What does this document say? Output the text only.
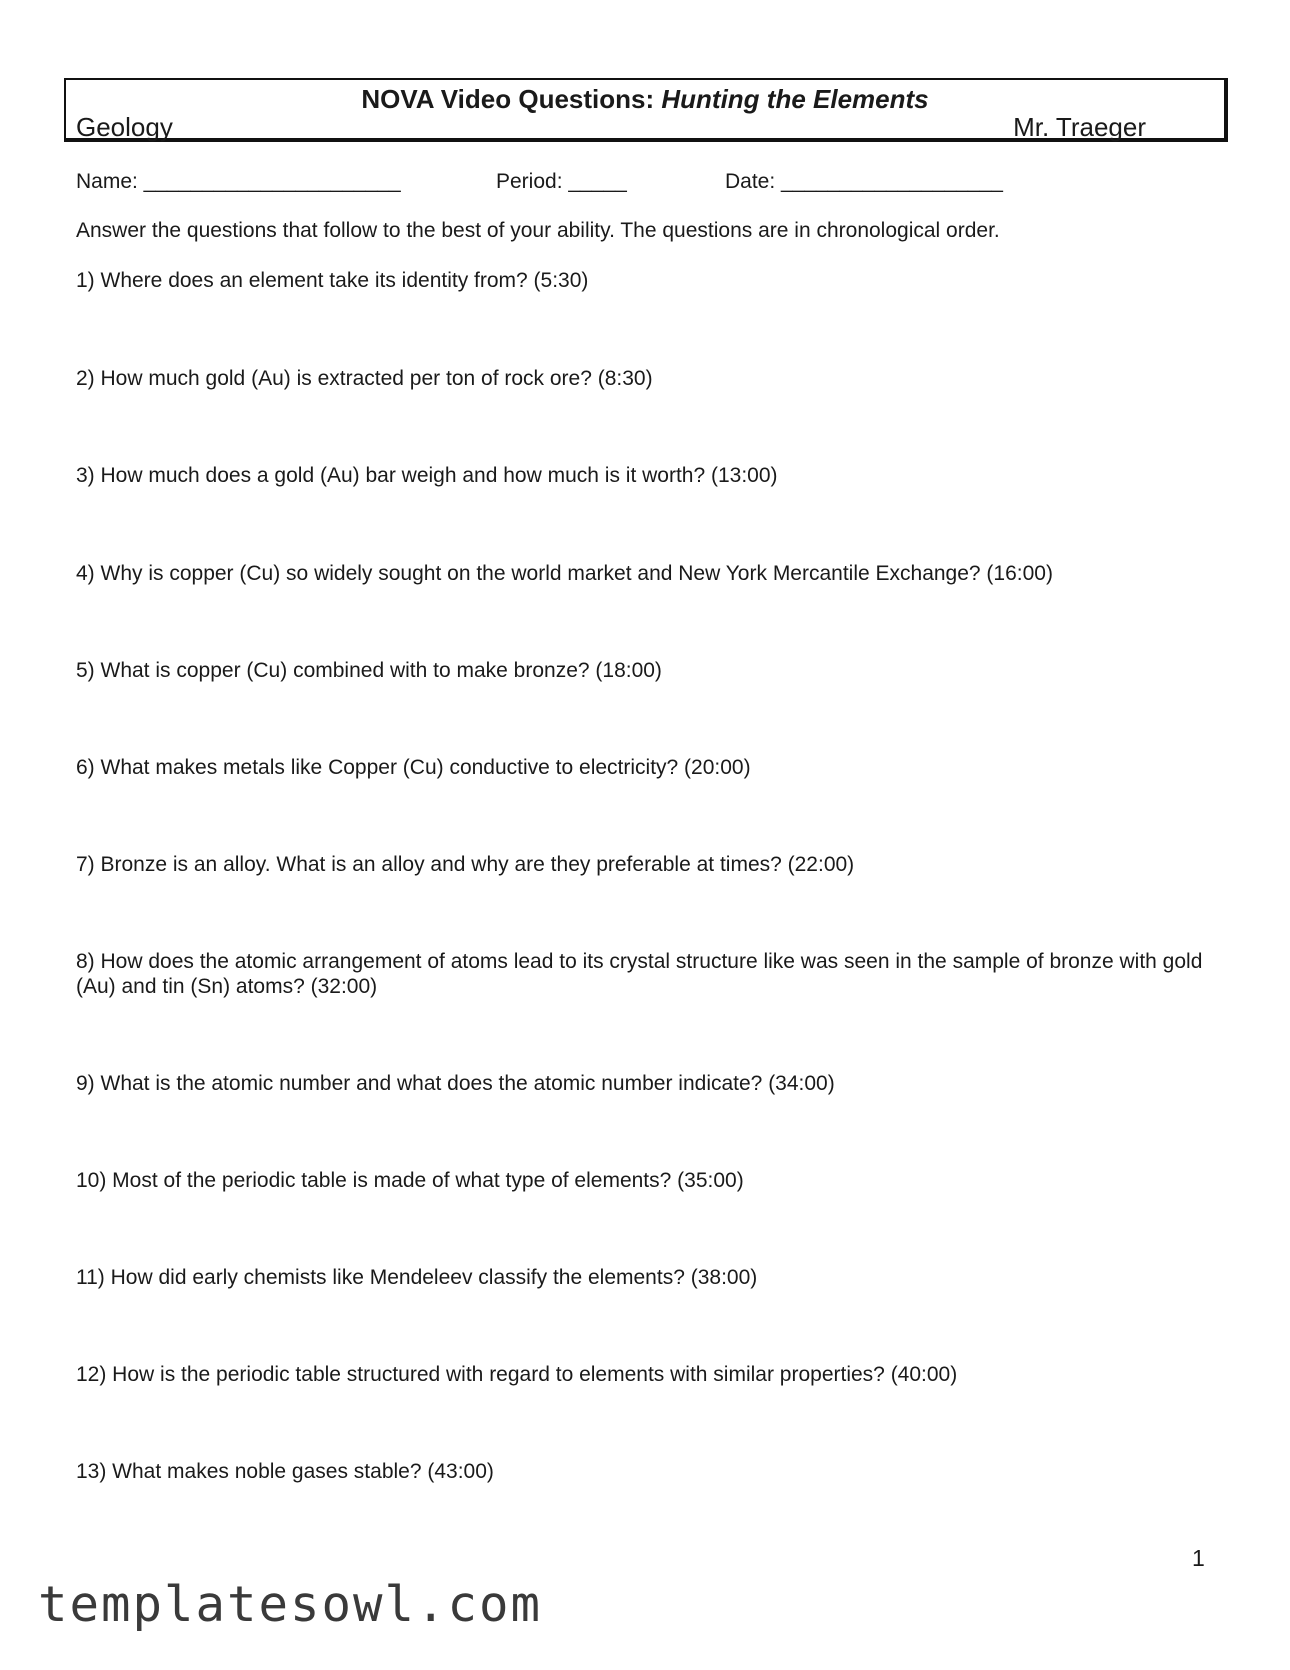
NOVA Video Questions: Hunting the Elements
Geology	Mr. Traeger
Name: ______________________	Period: _____	Date: ___________________
Answer the questions that follow to the best of your ability. The questions are in chronological order.
1) Where does an element take its identity from? (5:30)
2) How much gold (Au) is extracted per ton of rock ore? (8:30)
3) How much does a gold (Au) bar weigh and how much is it worth? (13:00)
4) Why is copper (Cu) so widely sought on the world market and New York Mercantile Exchange? (16:00)
5) What is copper (Cu) combined with to make bronze? (18:00)
6) What makes metals like Copper (Cu) conductive to electricity? (20:00)
7) Bronze is an alloy. What is an alloy and why are they preferable at times? (22:00)
8) How does the atomic arrangement of atoms lead to its crystal structure like was seen in the sample of bronze with gold (Au) and tin (Sn) atoms? (32:00)
9) What is the atomic number and what does the atomic number indicate? (34:00)
10) Most of the periodic table is made of what type of elements? (35:00)
11) How did early chemists like Mendeleev classify the elements? (38:00)
12) How is the periodic table structured with regard to elements with similar properties? (40:00)
13) What makes noble gases stable? (43:00)
1
templatesowl.com
